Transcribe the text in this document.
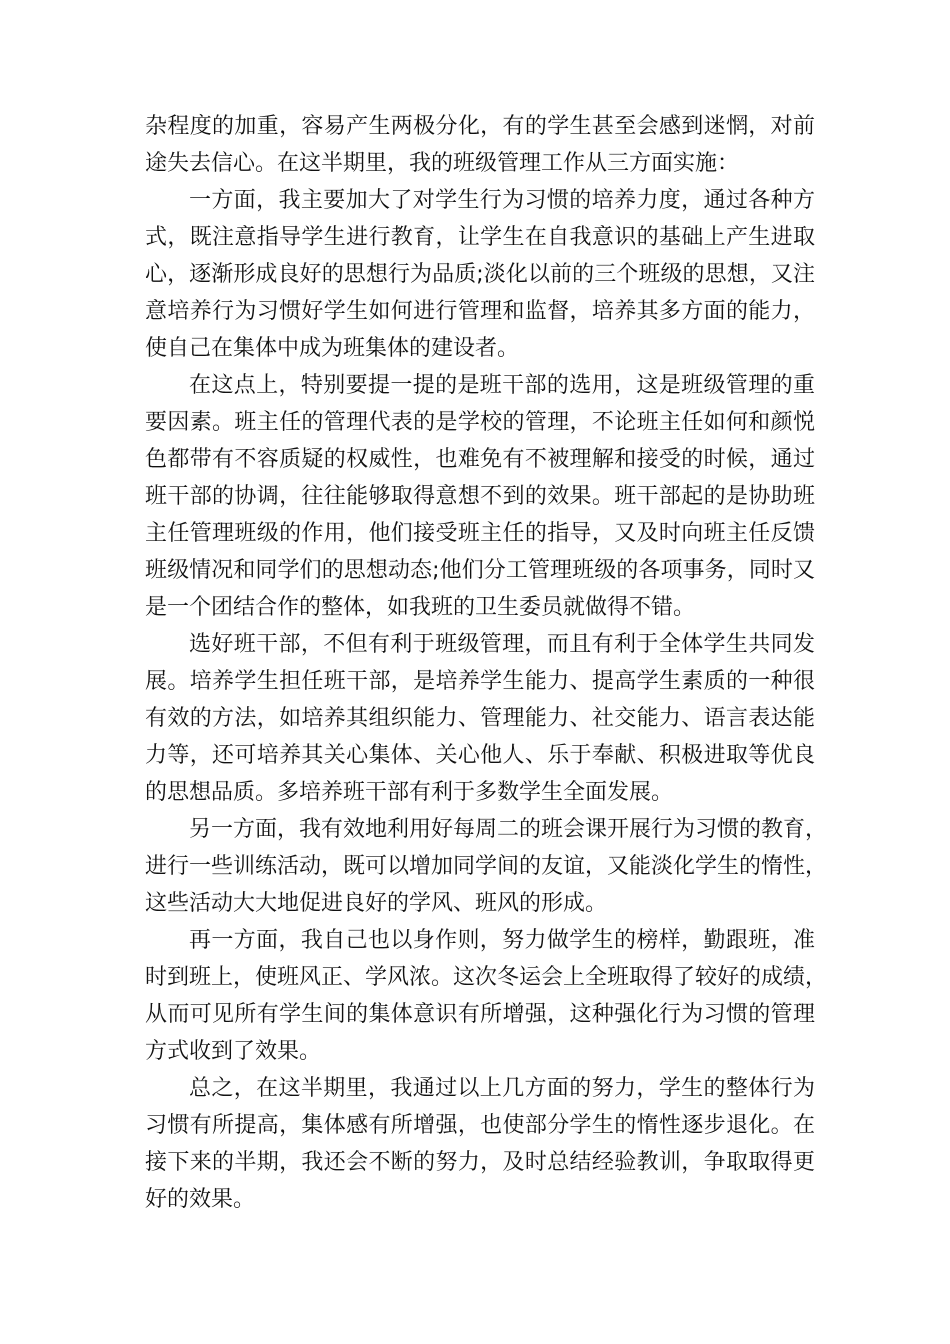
杂程度的加重，容易产生两极分化，有的学生甚至会感到迷惘，对前
途失去信心。在这半期里，我的班级管理工作从三方面实施：
一方面，我主要加大了对学生行为习惯的培养力度，通过各种方
式，既注意指导学生进行教育，让学生在自我意识的基础上产生进取
心，逐渐形成良好的思想行为品质;淡化以前的三个班级的思想，又注
意培养行为习惯好学生如何进行管理和监督，培养其多方面的能力，
使自己在集体中成为班集体的建设者。
在这点上，特别要提一提的是班干部的选用，这是班级管理的重
要因素。班主任的管理代表的是学校的管理，不论班主任如何和颜悦
色都带有不容质疑的权威性，也难免有不被理解和接受的时候，通过
班干部的协调，往往能够取得意想不到的效果。班干部起的是协助班
主任管理班级的作用，他们接受班主任的指导，又及时向班主任反馈
班级情况和同学们的思想动态;他们分工管理班级的各项事务，同时又
是一个团结合作的整体，如我班的卫生委员就做得不错。
选好班干部，不但有利于班级管理，而且有利于全体学生共同发
展。培养学生担任班干部，是培养学生能力、提高学生素质的一种很
有效的方法，如培养其组织能力、管理能力、社交能力、语言表达能
力等，还可培养其关心集体、关心他人、乐于奉献、积极进取等优良
的思想品质。多培养班干部有利于多数学生全面发展。
另一方面，我有效地利用好每周二的班会课开展行为习惯的教育，
进行一些训练活动，既可以增加同学间的友谊，又能淡化学生的惰性，
这些活动大大地促进良好的学风、班风的形成。
再一方面，我自己也以身作则，努力做学生的榜样，勤跟班，准
时到班上，使班风正、学风浓。这次冬运会上全班取得了较好的成绩，
从而可见所有学生间的集体意识有所增强，这种强化行为习惯的管理
方式收到了效果。
总之，在这半期里，我通过以上几方面的努力，学生的整体行为
习惯有所提高，集体感有所增强，也使部分学生的惰性逐步退化。在
接下来的半期，我还会不断的努力，及时总结经验教训，争取取得更
好的效果。
